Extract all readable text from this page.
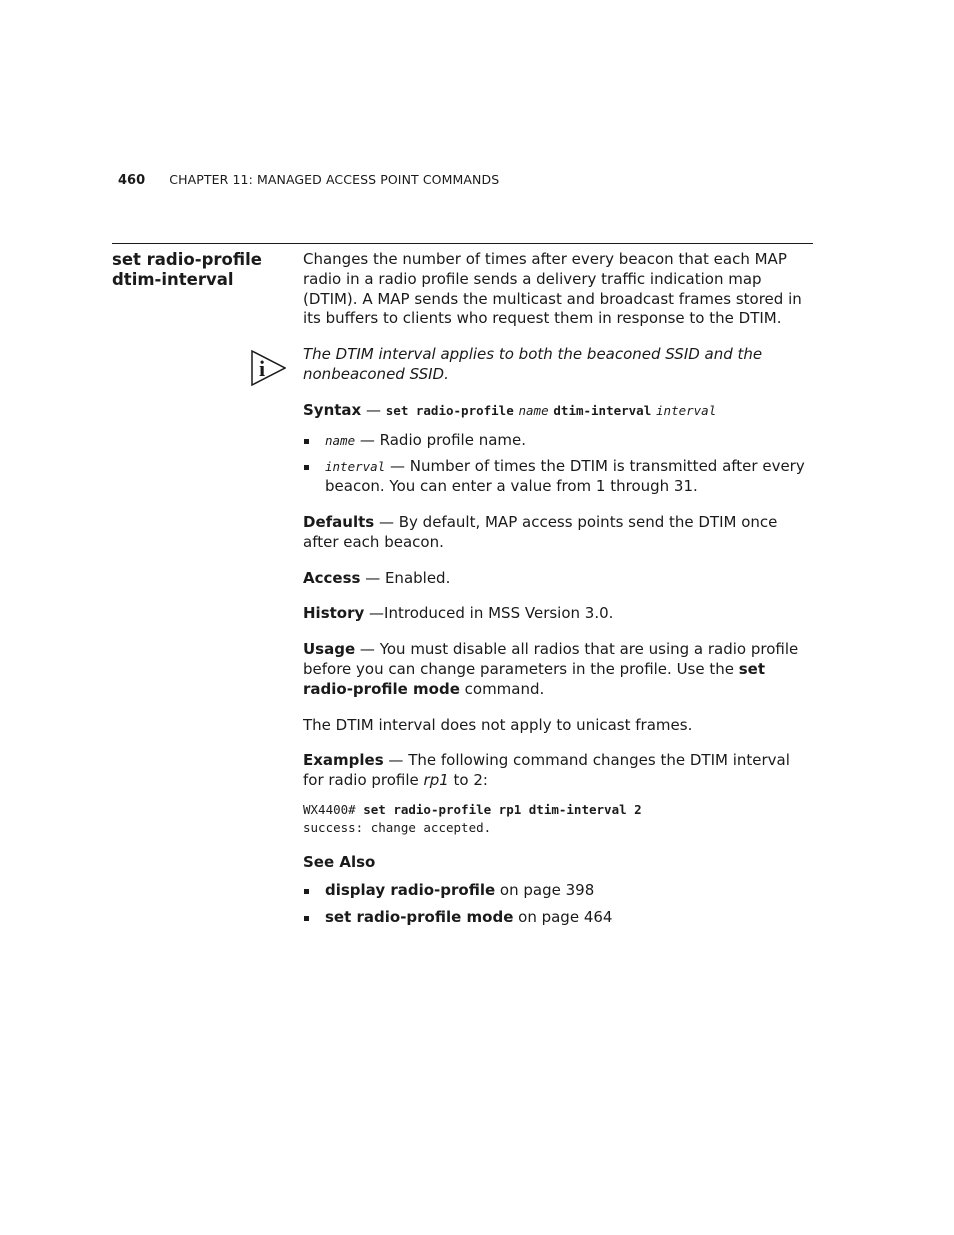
460 CHAPTER 11: MANAGED ACCESS POINT COMMANDS
set radio-profile
dtim-interval
i

Changes the number of times after every beacon that each MAP radio in a radio profile sends a delivery traffic indication map (DTIM). A MAP sends the multicast and broadcast frames stored in its buffers to clients who request them in response to the DTIM.

The DTIM interval applies to both the beaconed SSID and the nonbeaconed SSID.

Syntax — set radio-profile name dtim-interval interval

name — Radio profile name.
interval — Number of times the DTIM is transmitted after every beacon. You can enter a value from 1 through 31.

Defaults — By default, MAP access points send the DTIM once after each beacon.

Access — Enabled.

History —Introduced in MSS Version 3.0.

Usage — You must disable all radios that are using a radio profile before you can change parameters in the profile. Use the set radio-profile mode command.

The DTIM interval does not apply to unicast frames.

Examples — The following command changes the DTIM interval for radio profile rp1 to 2:

WX4400# set radio-profile rp1 dtim-interval 2
success: change accepted.
See Also
display radio-profile on page 398
set radio-profile mode on page 464
